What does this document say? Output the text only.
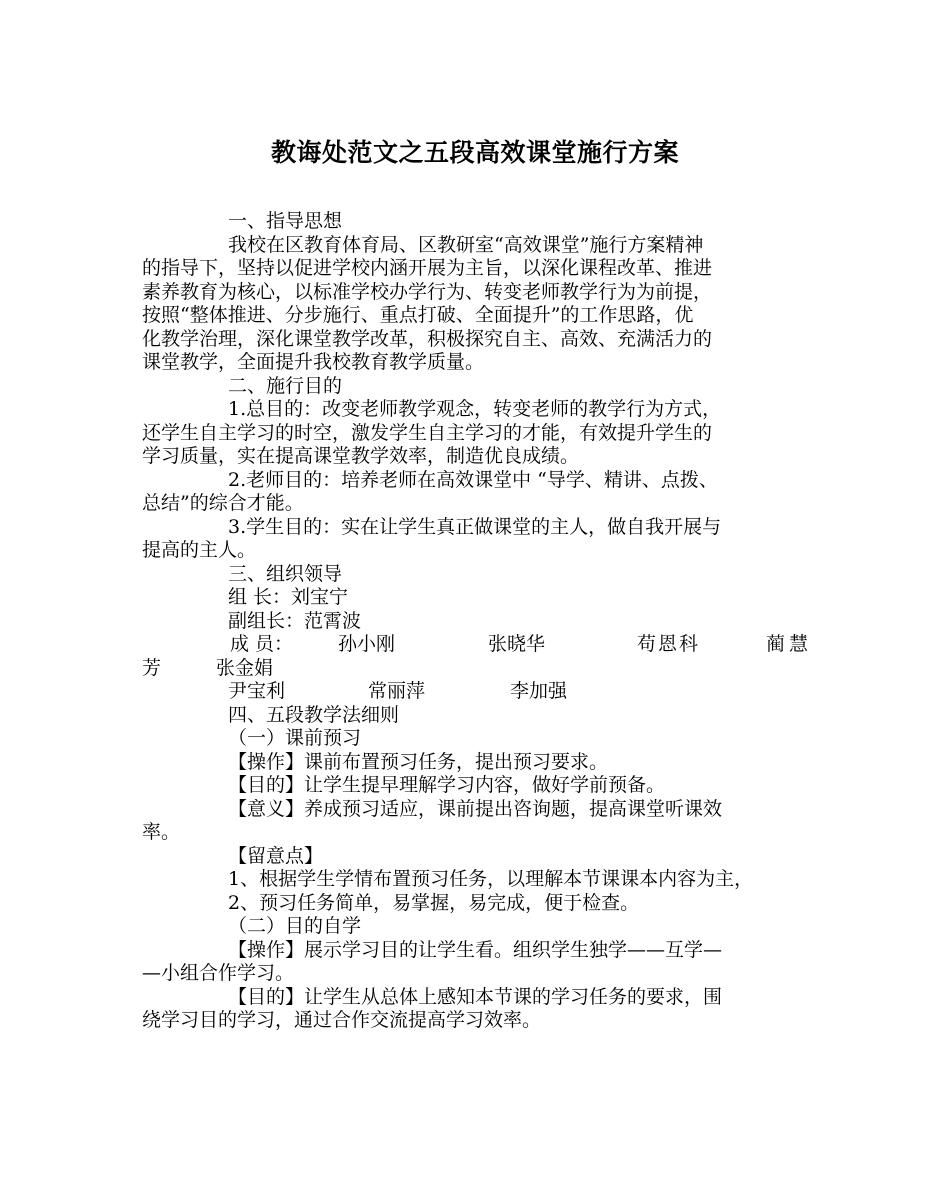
教诲处范文之五段高效课堂施行方案
一、指导思想
我校在区教育体育局、区教研室“高效课堂”施行方案精神
的指导下，坚持以促进学校内涵开展为主旨，以深化课程改革、推进
素养教育为核心，以标准学校办学行为、转变老师教学行为为前提，
按照“整体推进、分步施行、重点打破、全面提升”的工作思路，优
化教学治理，深化课堂教学改革，积极探究自主、高效、充满活力的
课堂教学，全面提升我校教育教学质量。
二、施行目的
1.总目的：改变老师教学观念，转变老师的教学行为方式，
还学生自主学习的时空，激发学生自主学习的才能，有效提升学生的
学习质量，实在提高课堂教学效率，制造优良成绩。
2.老师目的：培养老师在高效课堂中 “导学、精讲、点拨、
总结”的综合才能。
3.学生目的：实在让学生真正做课堂的主人，做自我开展与
提高的主人。
三、组织领导
组 长：刘宝宁
副组长：范霄波
成 员： 孙小刚	张晓华	苟恩科	蔺慧
芳	张金娟
尹宝利	常丽萍	李加强
四、五段教学法细则
（一）课前预习
【操作】课前布置预习任务，提出预习要求。
【目的】让学生提早理解学习内容，做好学前预备。
【意义】养成预习适应，课前提出咨询题，提高课堂听课效
率。
【留意点】
1、根据学生学情布置预习任务，以理解本节课课本内容为主，
2、预习任务简单，易掌握，易完成，便于检查。
（二）目的自学
【操作】展示学习目的让学生看。组织学生独学——互学—
—小组合作学习。
【目的】让学生从总体上感知本节课的学习任务的要求，围
绕学习目的学习，通过合作交流提高学习效率。
